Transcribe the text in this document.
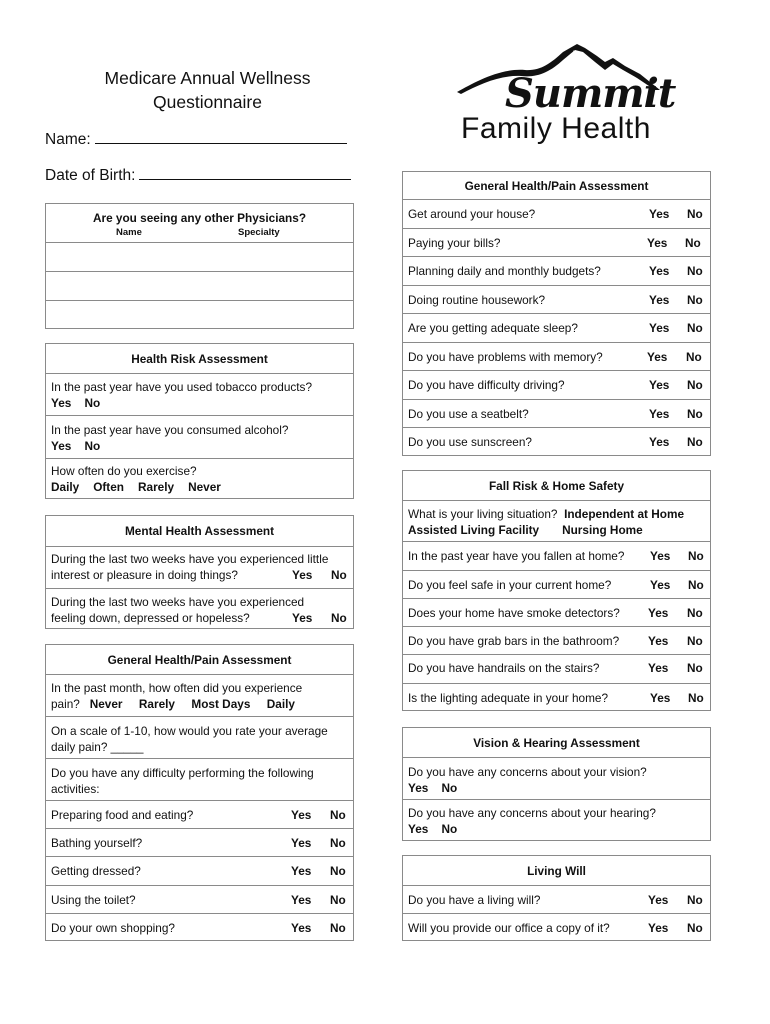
Medicare Annual Wellness
Questionnaire
Name:
Date of Birth:
Summit
Family Health
Are you seeing any other Physicians?
Name	Specialty
Health Risk Assessment
In the past year have you used tobacco products?
Yes No
In the past year have you consumed alcohol?
Yes No
How often do you exercise?
Daily Often Rarely Never
Mental Health Assessment
During the last two weeks have you experienced little
interest or pleasure in doing things?	Yes No
During the last two weeks have you experienced
feeling down, depressed or hopeless?	Yes No
General Health/Pain Assessment
In the past month, how often did you experience
pain? Never Rarely Most Days Daily
On a scale of 1-10, how would you rate your average
daily pain? _____
Do you have any difficulty performing the following
activities:
Preparing food and eating?	Yes No
Bathing yourself?	Yes No
Getting dressed?	Yes No
Using the toilet?	Yes No
Do your own shopping?	Yes No
General Health/Pain Assessment
Get around your house?	Yes No
Paying your bills?	Yes No
Planning daily and monthly budgets?	Yes No
Doing routine housework?	Yes No
Are you getting adequate sleep?	Yes No
Do you have problems with memory?	Yes No
Do you have difficulty driving?	Yes No
Do you use a seatbelt?	Yes No
Do you use sunscreen?	Yes No
Fall Risk & Home Safety
What is your living situation? Independent at Home
Assisted Living Facility Nursing Home
In the past year have you fallen at home? Yes No
Do you feel safe in your current home?	Yes No
Does your home have smoke detectors? Yes No
Do you have grab bars in the bathroom? Yes No
Do you have handrails on the stairs?	Yes No
Is the lighting adequate in your home?	Yes No
Vision & Hearing Assessment
Do you have any concerns about your vision?
Yes No
Do you have any concerns about your hearing?
Yes No
Living Will
Do you have a living will?	Yes No
Will you provide our office a copy of it?	Yes No
